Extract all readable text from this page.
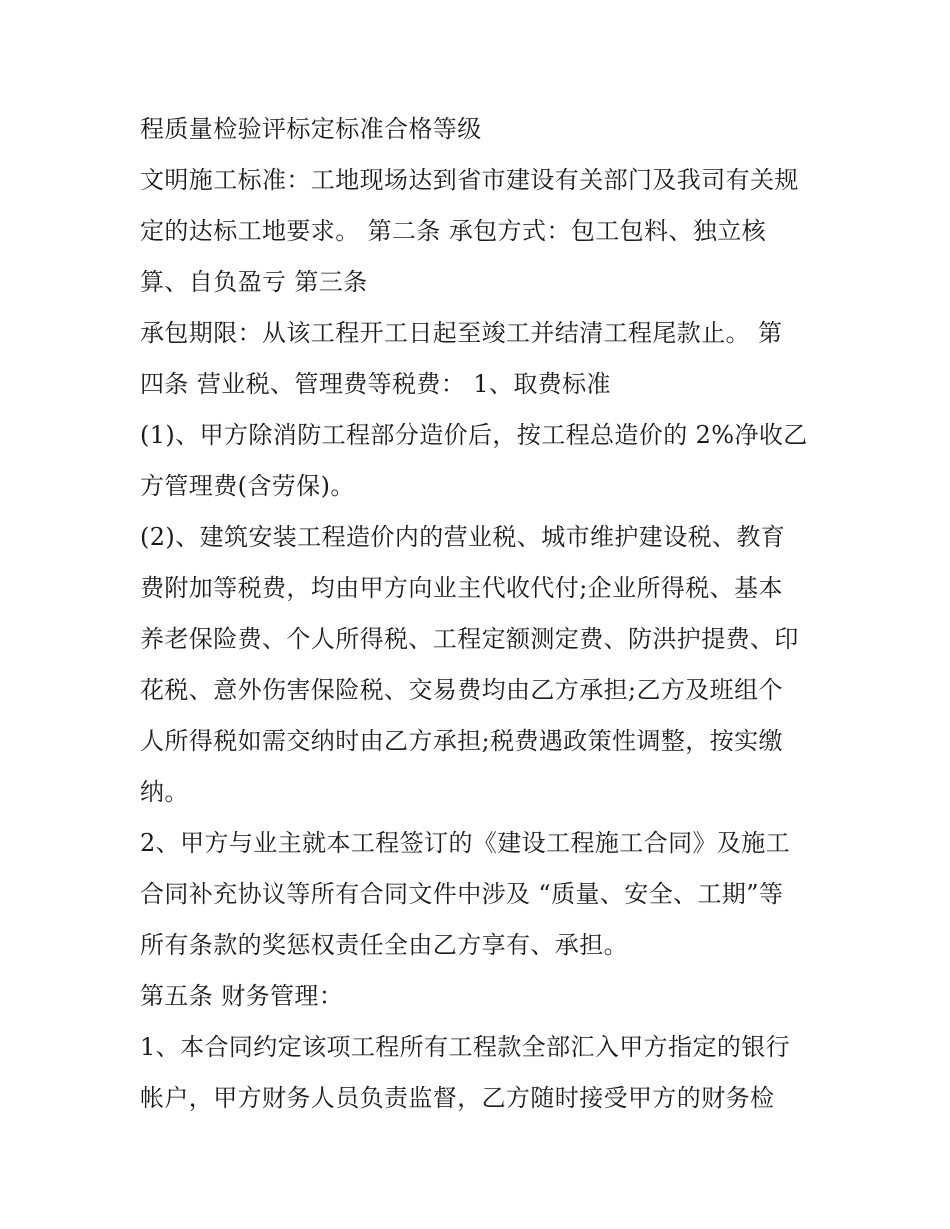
程质量检验评标定标准合格等级
文明施工标准：工地现场达到省市建设有关部门及我司有关规
定的达标工地要求。 第二条 承包方式：包工包料、独立核
算、自负盈亏 第三条
承包期限：从该工程开工日起至竣工并结清工程尾款止。 第
四条 营业税、管理费等税费： 1、取费标准
(1)、甲方除消防工程部分造价后，按工程总造价的 2%净收乙
方管理费(含劳保)。
(2)、建筑安装工程造价内的营业税、城市维护建设税、教育
费附加等税费，均由甲方向业主代收代付;企业所得税、基本
养老保险费、个人所得税、工程定额测定费、防洪护提费、印
花税、意外伤害保险税、交易费均由乙方承担;乙方及班组个
人所得税如需交纳时由乙方承担;税费遇政策性调整，按实缴
纳。
2、甲方与业主就本工程签订的《建设工程施工合同》及施工
合同补充协议等所有合同文件中涉及 “质量、安全、工期”等
所有条款的奖惩权责任全由乙方享有、承担。
第五条 财务管理：
1、本合同约定该项工程所有工程款全部汇入甲方指定的银行
帐户，甲方财务人员负责监督，乙方随时接受甲方的财务检
